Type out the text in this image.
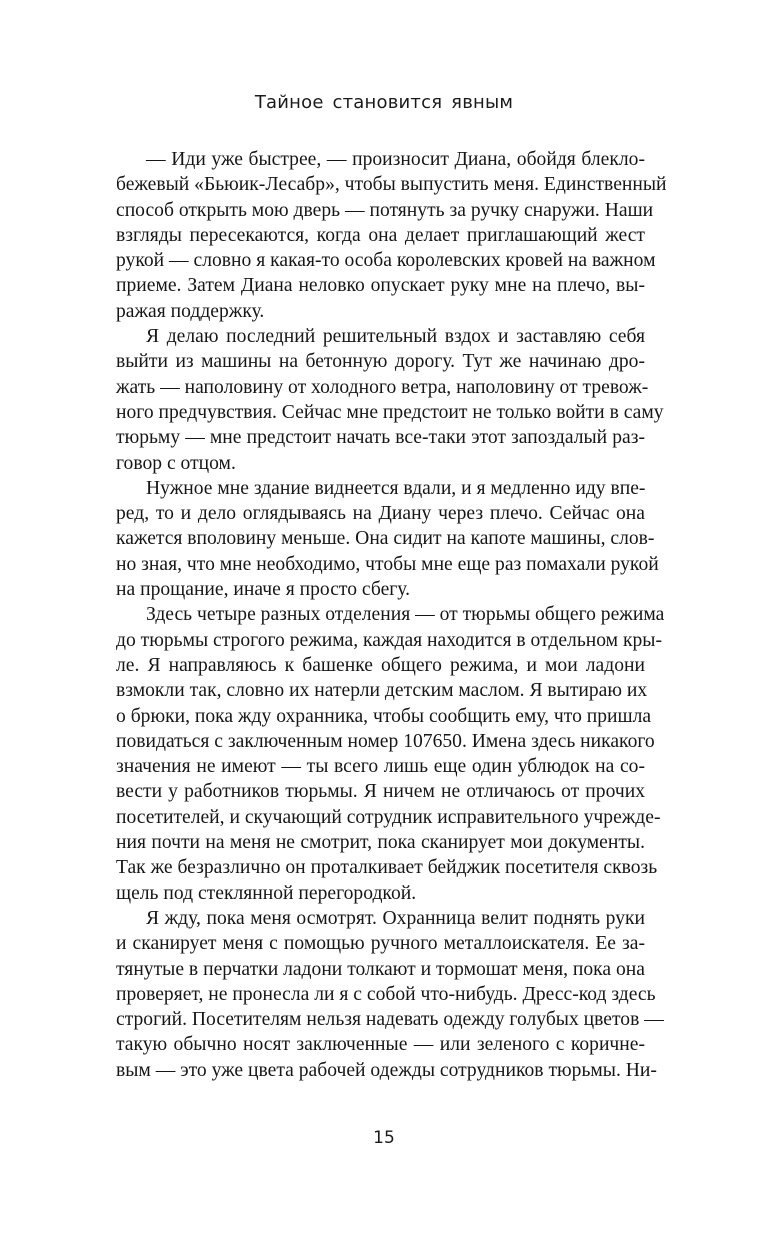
Тайное становится явным

— Иди уже быстрее, — произносит Диана, обойдя блекло-
бежевый «Бьюик-Лесабр», чтобы выпустить меня. Единственный
способ открыть мою дверь — потянуть за ручку снаружи. Наши
взгляды пересекаются, когда она делает приглашающий жест
рукой — словно я какая-то особа королевских кровей на важном
приеме. Затем Диана неловко опускает руку мне на плечо, вы-
ражая поддержку.

Я делаю последний решительный вздох и заставляю себя
выйти из машины на бетонную дорогу. Тут же начинаю дро-
жать — наполовину от холодного ветра, наполовину от тревож-
ного предчувствия. Сейчас мне предстоит не только войти в саму
тюрьму — мне предстоит начать все-таки этот запоздалый раз-
говор с отцом.

Нужное мне здание виднеется вдали, и я медленно иду впе-
ред, то и дело оглядываясь на Диану через плечо. Сейчас она
кажется вполовину меньше. Она сидит на капоте машины, слов-
но зная, что мне необходимо, чтобы мне еще раз помахали рукой
на прощание, иначе я просто сбегу.

Здесь четыре разных отделения — от тюрьмы общего режима
до тюрьмы строгого режима, каждая находится в отдельном кры-
ле. Я направляюсь к башенке общего режима, и мои ладони
взмокли так, словно их натерли детским маслом. Я вытираю их
о брюки, пока жду охранника, чтобы сообщить ему, что пришла
повидаться с заключенным номер 107650. Имена здесь никакого
значения не имеют — ты всего лишь еще один ублюдок на со-
вести у работников тюрьмы. Я ничем не отличаюсь от прочих
посетителей, и скучающий сотрудник исправительного учрежде-
ния почти на меня не смотрит, пока сканирует мои документы.
Так же безразлично он проталкивает бейджик посетителя сквозь
щель под стеклянной перегородкой.

Я жду, пока меня осмотрят. Охранница велит поднять руки
и сканирует меня с помощью ручного металлоискателя. Ее за-
тянутые в перчатки ладони толкают и тормошат меня, пока она
проверяет, не пронесла ли я с собой что-нибудь. Дресс-код здесь
строгий. Посетителям нельзя надевать одежду голубых цветов —
такую обычно носят заключенные — или зеленого с коричне-
вым — это уже цвета рабочей одежды сотрудников тюрьмы. Ни-

15
